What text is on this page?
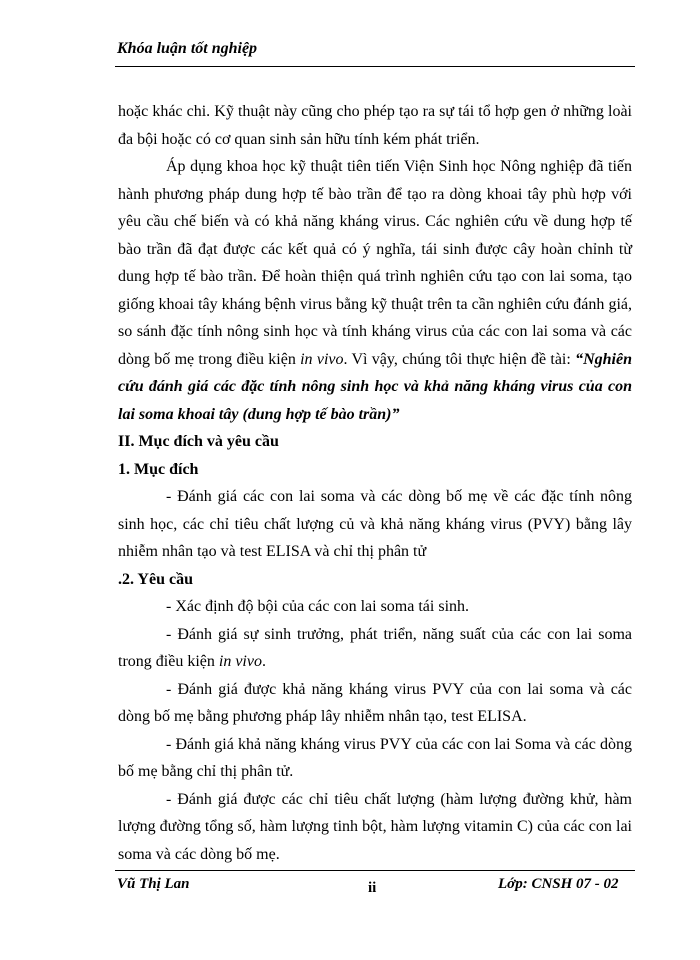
Khóa luận tốt nghiệp

hoặc khác chi. Kỹ thuật này cũng cho phép tạo ra sự tái tổ hợp gen ở những loài đa bội hoặc có cơ quan sinh sản hữu tính kém phát triển.

Áp dụng khoa học kỹ thuật tiên tiến Viện Sinh học Nông nghiệp đã tiến hành phương pháp dung hợp tế bào trần để tạo ra dòng khoai tây phù hợp với yêu cầu chế biến và có khả năng kháng virus. Các nghiên cứu về dung hợp tế bào trần đã đạt được các kết quả có ý nghĩa, tái sinh được cây hoàn chỉnh từ dung hợp tế bào trần. Để hoàn thiện quá trình nghiên cứu tạo con lai soma, tạo giống khoai tây kháng bệnh virus bằng kỹ thuật trên ta cần nghiên cứu đánh giá, so sánh đặc tính nông sinh học và tính kháng virus của các con lai soma và các dòng bố mẹ trong điều kiện in vivo. Vì vậy, chúng tôi thực hiện đề tài: “Nghiên cứu đánh giá các đặc tính nông sinh học và khả năng kháng virus của con lai soma khoai tây (dung hợp tế bào trần)”

II. Mục đích và yêu cầu

1. Mục đích

- Đánh giá các con lai soma và các dòng bố mẹ về các đặc tính nông sinh học, các chỉ tiêu chất lượng củ và khả năng kháng virus (PVY) bằng lây nhiễm nhân tạo và test ELISA và chỉ thị phân tử

.2. Yêu cầu

- Xác định độ bội của các con lai soma tái sinh.

- Đánh giá sự sinh trưởng, phát triển, năng suất của các con lai soma trong điều kiện in vivo.

- Đánh giá được khả năng kháng virus PVY của con lai soma và các dòng bố mẹ bằng phương pháp lây nhiễm nhân tạo, test ELISA.

- Đánh giá khả năng kháng virus PVY của các con lai Soma và các dòng bố mẹ bằng chỉ thị phân tử.

- Đánh giá được các chỉ tiêu chất lượng (hàm lượng đường khử, hàm lượng đường tổng số, hàm lượng tinh bột, hàm lượng vitamin C) của các con lai soma và các dòng bố mẹ.

Vũ Thị Lan	ii	Lớp: CNSH 07 - 02
